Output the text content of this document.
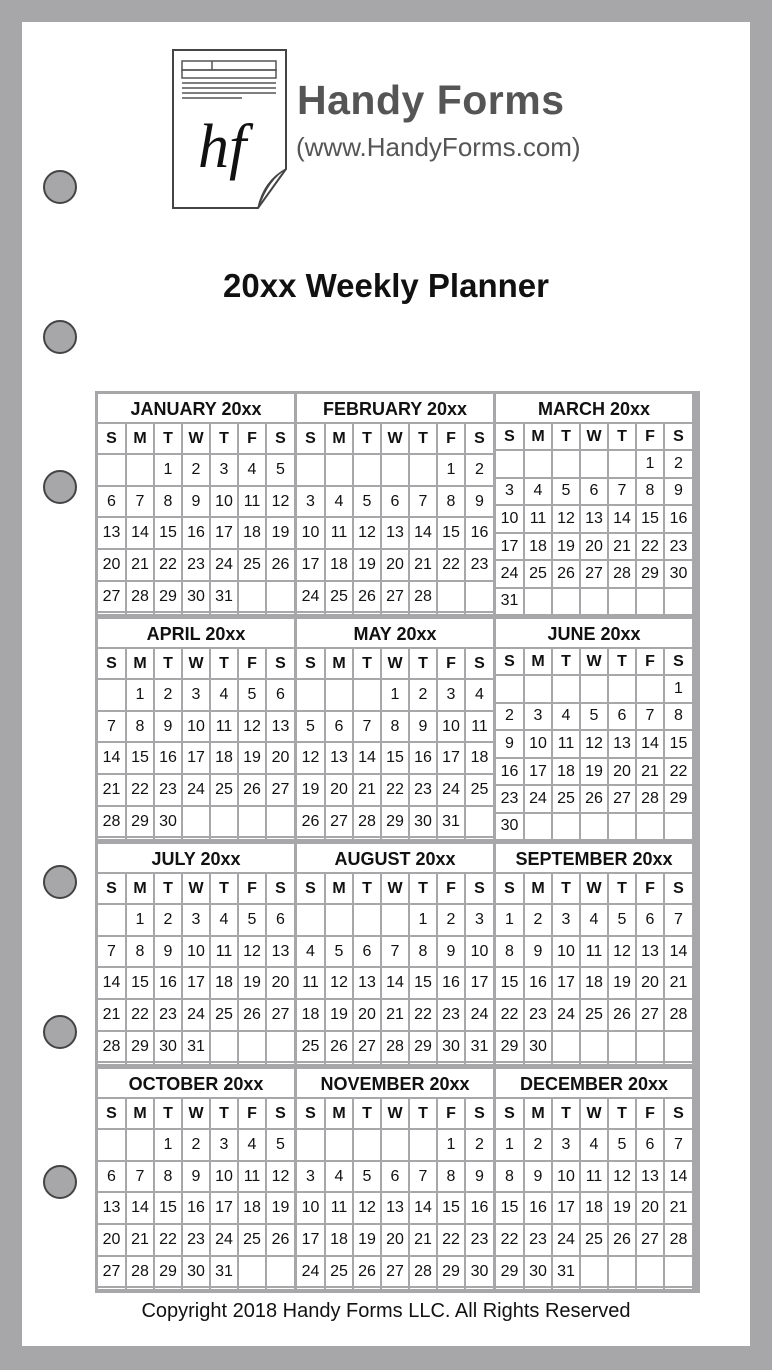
hf
Handy Forms
(www.HandyForms.com)
20xx Weekly Planner
JANUARY 20xx
S	M	T	W	T	F	S
		1	2	3	4	5
6	7	8	9	10	11	12
13	14	15	16	17	18	19
20	21	22	23	24	25	26
27	28	29	30	31		

FEBRUARY 20xx
S	M	T	W	T	F	S
					1	2
3	4	5	6	7	8	9
10	11	12	13	14	15	16
17	18	19	20	21	22	23
24	25	26	27	28		

MARCH 20xx
S	M	T	W	T	F	S
					1	2
3	4	5	6	7	8	9
10	11	12	13	14	15	16
17	18	19	20	21	22	23
24	25	26	27	28	29	30
31						
APRIL 20xx
S	M	T	W	T	F	S
	1	2	3	4	5	6
7	8	9	10	11	12	13
14	15	16	17	18	19	20
21	22	23	24	25	26	27
28	29	30				

MAY 20xx
S	M	T	W	T	F	S
			1	2	3	4
5	6	7	8	9	10	11
12	13	14	15	16	17	18
19	20	21	22	23	24	25
26	27	28	29	30	31	

JUNE 20xx
S	M	T	W	T	F	S
						1
2	3	4	5	6	7	8
9	10	11	12	13	14	15
16	17	18	19	20	21	22
23	24	25	26	27	28	29
30						
JULY 20xx
S	M	T	W	T	F	S
	1	2	3	4	5	6
7	8	9	10	11	12	13
14	15	16	17	18	19	20
21	22	23	24	25	26	27
28	29	30	31			

AUGUST 20xx
S	M	T	W	T	F	S
				1	2	3
4	5	6	7	8	9	10
11	12	13	14	15	16	17
18	19	20	21	22	23	24
25	26	27	28	29	30	31

SEPTEMBER 20xx
S	M	T	W	T	F	S
1	2	3	4	5	6	7
8	9	10	11	12	13	14
15	16	17	18	19	20	21
22	23	24	25	26	27	28
29	30					

OCTOBER 20xx
S	M	T	W	T	F	S
		1	2	3	4	5
6	7	8	9	10	11	12
13	14	15	16	17	18	19
20	21	22	23	24	25	26
27	28	29	30	31		

NOVEMBER 20xx
S	M	T	W	T	F	S
					1	2
3	4	5	6	7	8	9
10	11	12	13	14	15	16
17	18	19	20	21	22	23
24	25	26	27	28	29	30

DECEMBER 20xx
S	M	T	W	T	F	S
1	2	3	4	5	6	7
8	9	10	11	12	13	14
15	16	17	18	19	20	21
22	23	24	25	26	27	28
29	30	31				

Copyright 2018 Handy Forms LLC. All Rights Reserved
